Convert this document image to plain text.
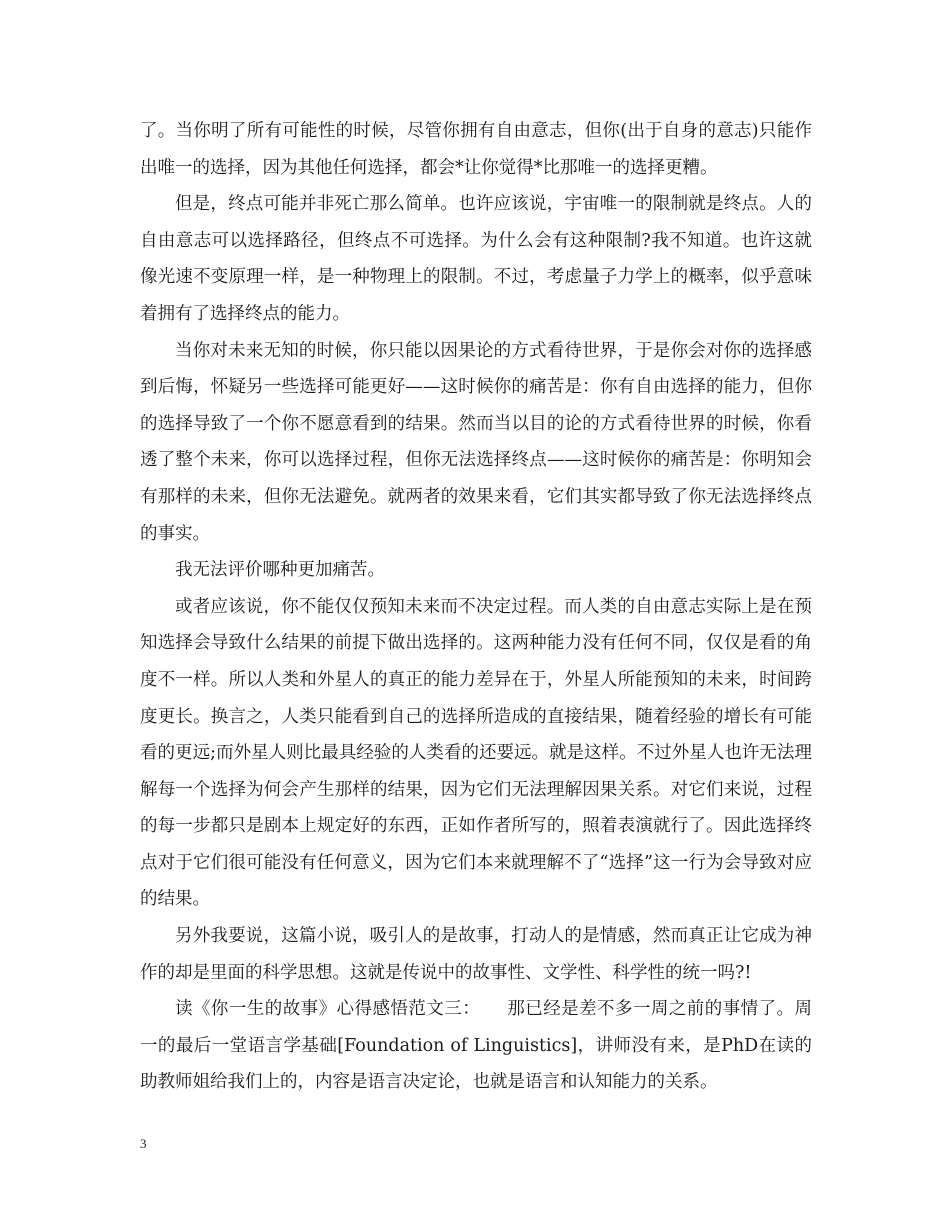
了。当你明了所有可能性的时候，尽管你拥有自由意志，但你(出于自身的意志)只能作出唯一的选择，因为其他任何选择，都会*让你觉得*比那唯一的选择更糟。

但是，终点可能并非死亡那么简单。也许应该说，宇宙唯一的限制就是终点。人的自由意志可以选择路径，但终点不可选择。为什么会有这种限制?我不知道。也许这就像光速不变原理一样，是一种物理上的限制。不过，考虑量子力学上的概率，似乎意味着拥有了选择终点的能力。

当你对未来无知的时候，你只能以因果论的方式看待世界，于是你会对你的选择感到后悔，怀疑另一些选择可能更好——这时候你的痛苦是：你有自由选择的能力，但你的选择导致了一个你不愿意看到的结果。然而当以目的论的方式看待世界的时候，你看透了整个未来，你可以选择过程，但你无法选择终点——这时候你的痛苦是：你明知会有那样的未来，但你无法避免。就两者的效果来看，它们其实都导致了你无法选择终点的事实。

我无法评价哪种更加痛苦。

或者应该说，你不能仅仅预知未来而不决定过程。而人类的自由意志实际上是在预知选择会导致什么结果的前提下做出选择的。这两种能力没有任何不同，仅仅是看的角度不一样。所以人类和外星人的真正的能力差异在于，外星人所能预知的未来，时间跨度更长。换言之，人类只能看到自己的选择所造成的直接结果，随着经验的增长有可能看的更远;而外星人则比最具经验的人类看的还要远。就是这样。不过外星人也许无法理解每一个选择为何会产生那样的结果，因为它们无法理解因果关系。对它们来说，过程的每一步都只是剧本上规定好的东西，正如作者所写的，照着表演就行了。因此选择终点对于它们很可能没有任何意义，因为它们本来就理解不了“选择”这一行为会导致对应的结果。

另外我要说，这篇小说，吸引人的是故事，打动人的是情感，然而真正让它成为神作的却是里面的科学思想。这就是传说中的故事性、文学性、科学性的统一吗?!

读《你一生的故事》心得感悟范文三：　　那已经是差不多一周之前的事情了。周一的最后一堂语言学基础[Foundation of Linguistics]，讲师没有来，是PhD在读的助教师姐给我们上的，内容是语言决定论，也就是语言和认知能力的关系。

3
